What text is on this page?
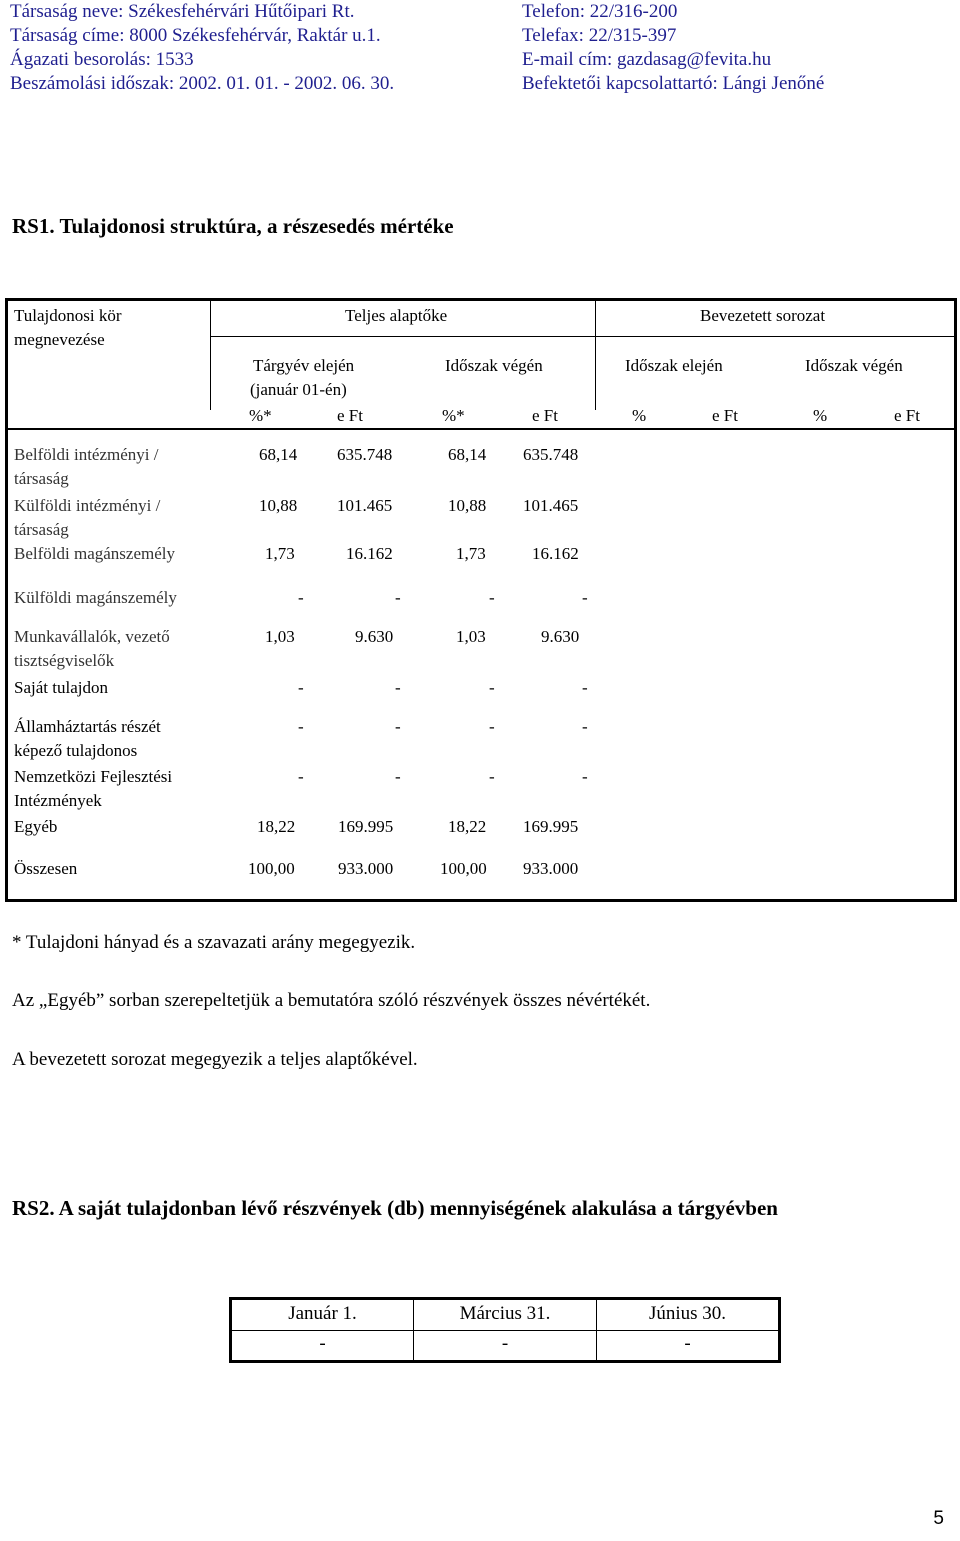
Társaság neve: Székesfehérvári Hűtőipari Rt.
Társaság címe: 8000 Székesfehérvár, Raktár u.1.
Ágazati besorolás: 1533
Beszámolási időszak: 2002. 01. 01. - 2002. 06. 30.
Telefon: 22/316-200
Telefax: 22/315-397
E-mail cím: gazdasag@fevita.hu
Befektetői kapcsolattartó: Lángi Jenőné
RS1. Tulajdonosi struktúra, a részesedés mértéke
Tulajdonosi kör
megnevezése
Teljes alaptőke	Bevezetett sorozat
Tárgyév elején
(január 01-én)
Időszak végén	Időszak elején	Időszak végén
%*	e Ft	%*	e Ft	%	e Ft	%	e Ft
Belföldi intézményi /
társaság
68,14 635.748	68,14 635.748
Külföldi intézményi /
társaság
10,88 101.465	10,88 101.465
Belföldi magánszemély	1,73	16.162	1,73	16.162
Külföldi magánszemély	-	-	-	-
Munkavállalók, vezető
tisztségviselők
1,03	9.630	1,03	9.630
Saját tulajdon	-	-	-	-
Államháztartás részét
képező tulajdonos
-	-	-	-
Nemzetközi Fejlesztési
Intézmények
-	-	-	-
Egyéb	18,22	169.995	18,22 169.995
Összesen	100,00	933.000	100,00 933.000
* Tulajdoni hányad és a szavazati arány megegyezik.
Az „Egyéb” sorban szerepeltetjük a bemutatóra szóló részvények összes névértékét.
A bevezetett sorozat megegyezik a teljes alaptőkével.
RS2. A saját tulajdonban lévő részvények (db) mennyiségének alakulása a tárgyévben
Január 1.	Március 31.	Június 30.
-	-	-
5
